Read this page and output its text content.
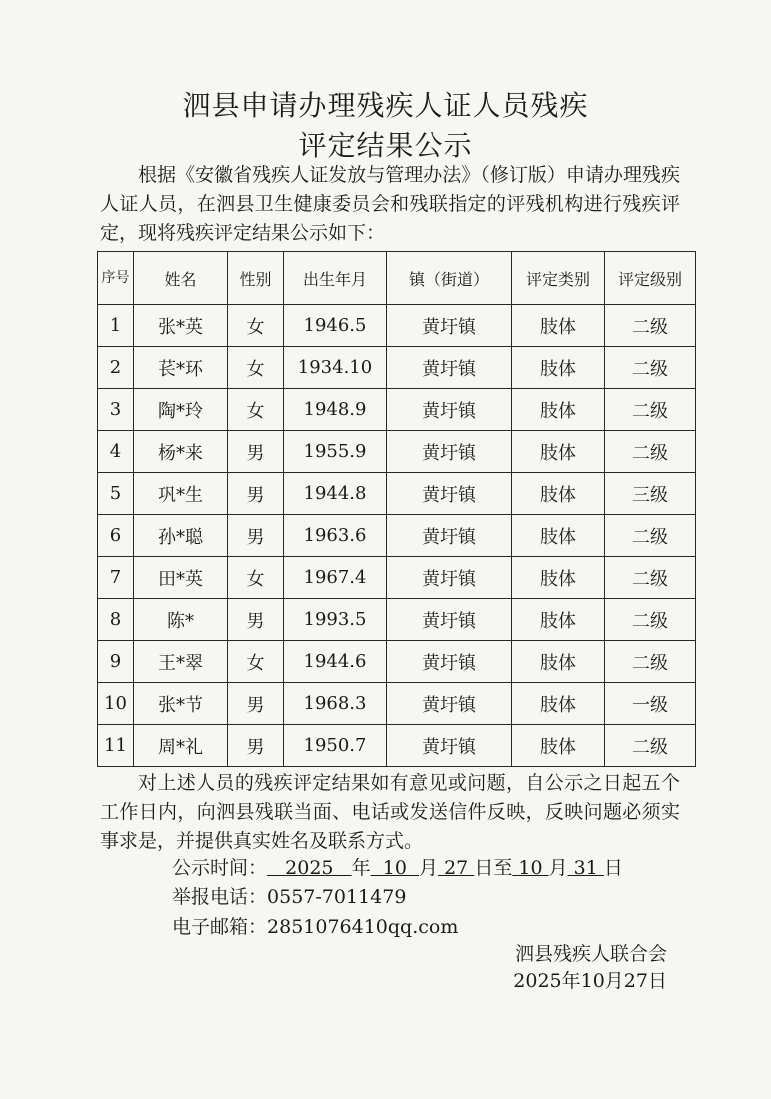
泗县申请办理残疾人证人员残疾
评定结果公示
根据《安徽省残疾人证发放与管理办法》（修订版）申请办理残疾人证人员，在泗县卫生健康委员会和残联指定的评残机构进行残疾评定，现将残疾评定结果公示如下：
序号	姓名	性别	出生年月	镇（街道）	评定类别	评定级别
1	张*英	女	1946.5	黄圩镇	肢体	二级
2	苌*环	女	1934.10	黄圩镇	肢体	二级
3	陶*玲	女	1948.9	黄圩镇	肢体	二级
4	杨*来	男	1955.9	黄圩镇	肢体	二级
5	巩*生	男	1944.8	黄圩镇	肢体	三级
6	孙*聪	男	1963.6	黄圩镇	肢体	二级
7	田*英	女	1967.4	黄圩镇	肢体	二级
8	陈*	男	1993.5	黄圩镇	肢体	二级
9	王*翠	女	1944.6	黄圩镇	肢体	二级
10	张*节	男	1968.3	黄圩镇	肢体	一级
11	周*礼	男	1950.7	黄圩镇	肢体	二级
对上述人员的残疾评定结果如有意见或问题，自公示之日起五个工作日内，向泗县残联当面、电话或发送信件反映，反映问题必须实事求是，并提供真实姓名及联系方式。
公示时间： 2025 年 10 月 27 日至 10 月 31 日
举报电话：0557-7011479
电子邮箱：2851076410qq.com
泗县残疾人联合会
2025年10月27日
